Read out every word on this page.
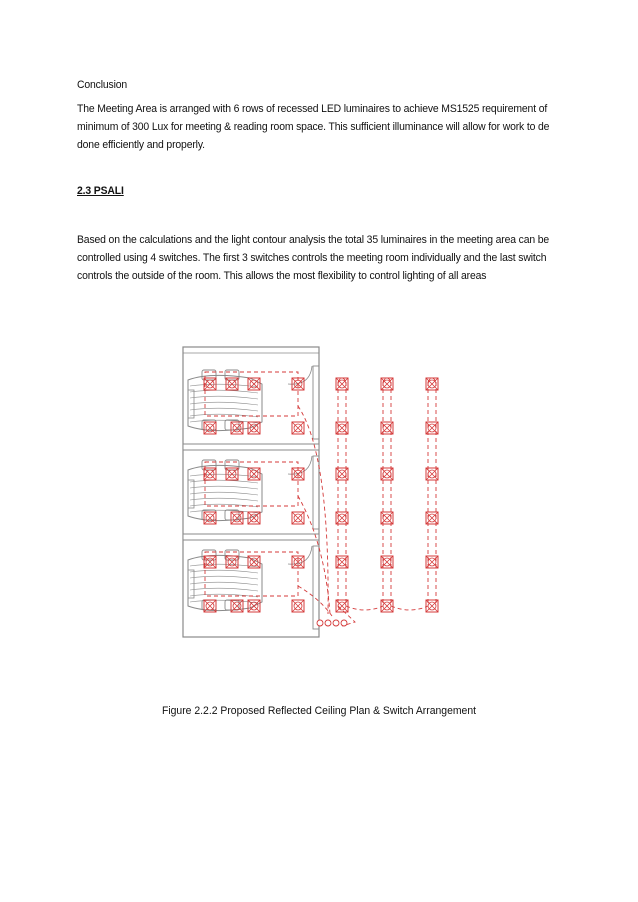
Conclusion
The Meeting Area is arranged with 6 rows of recessed LED luminaires to achieve MS1525 requirement of minimum of 300 Lux for meeting & reading room space. This sufficient illuminance will allow for work to de done efficiently and properly.
2.3 PSALI
Based on the calculations and the light contour analysis the total 35 luminaires in the meeting area can be controlled using 4 switches. The first 3 switches controls the meeting room individually and the last switch controls the outside of the room. This allows the most flexibility to control lighting of all areas
Figure 2.2.2 Proposed Reflected Ceiling Plan & Switch Arrangement
